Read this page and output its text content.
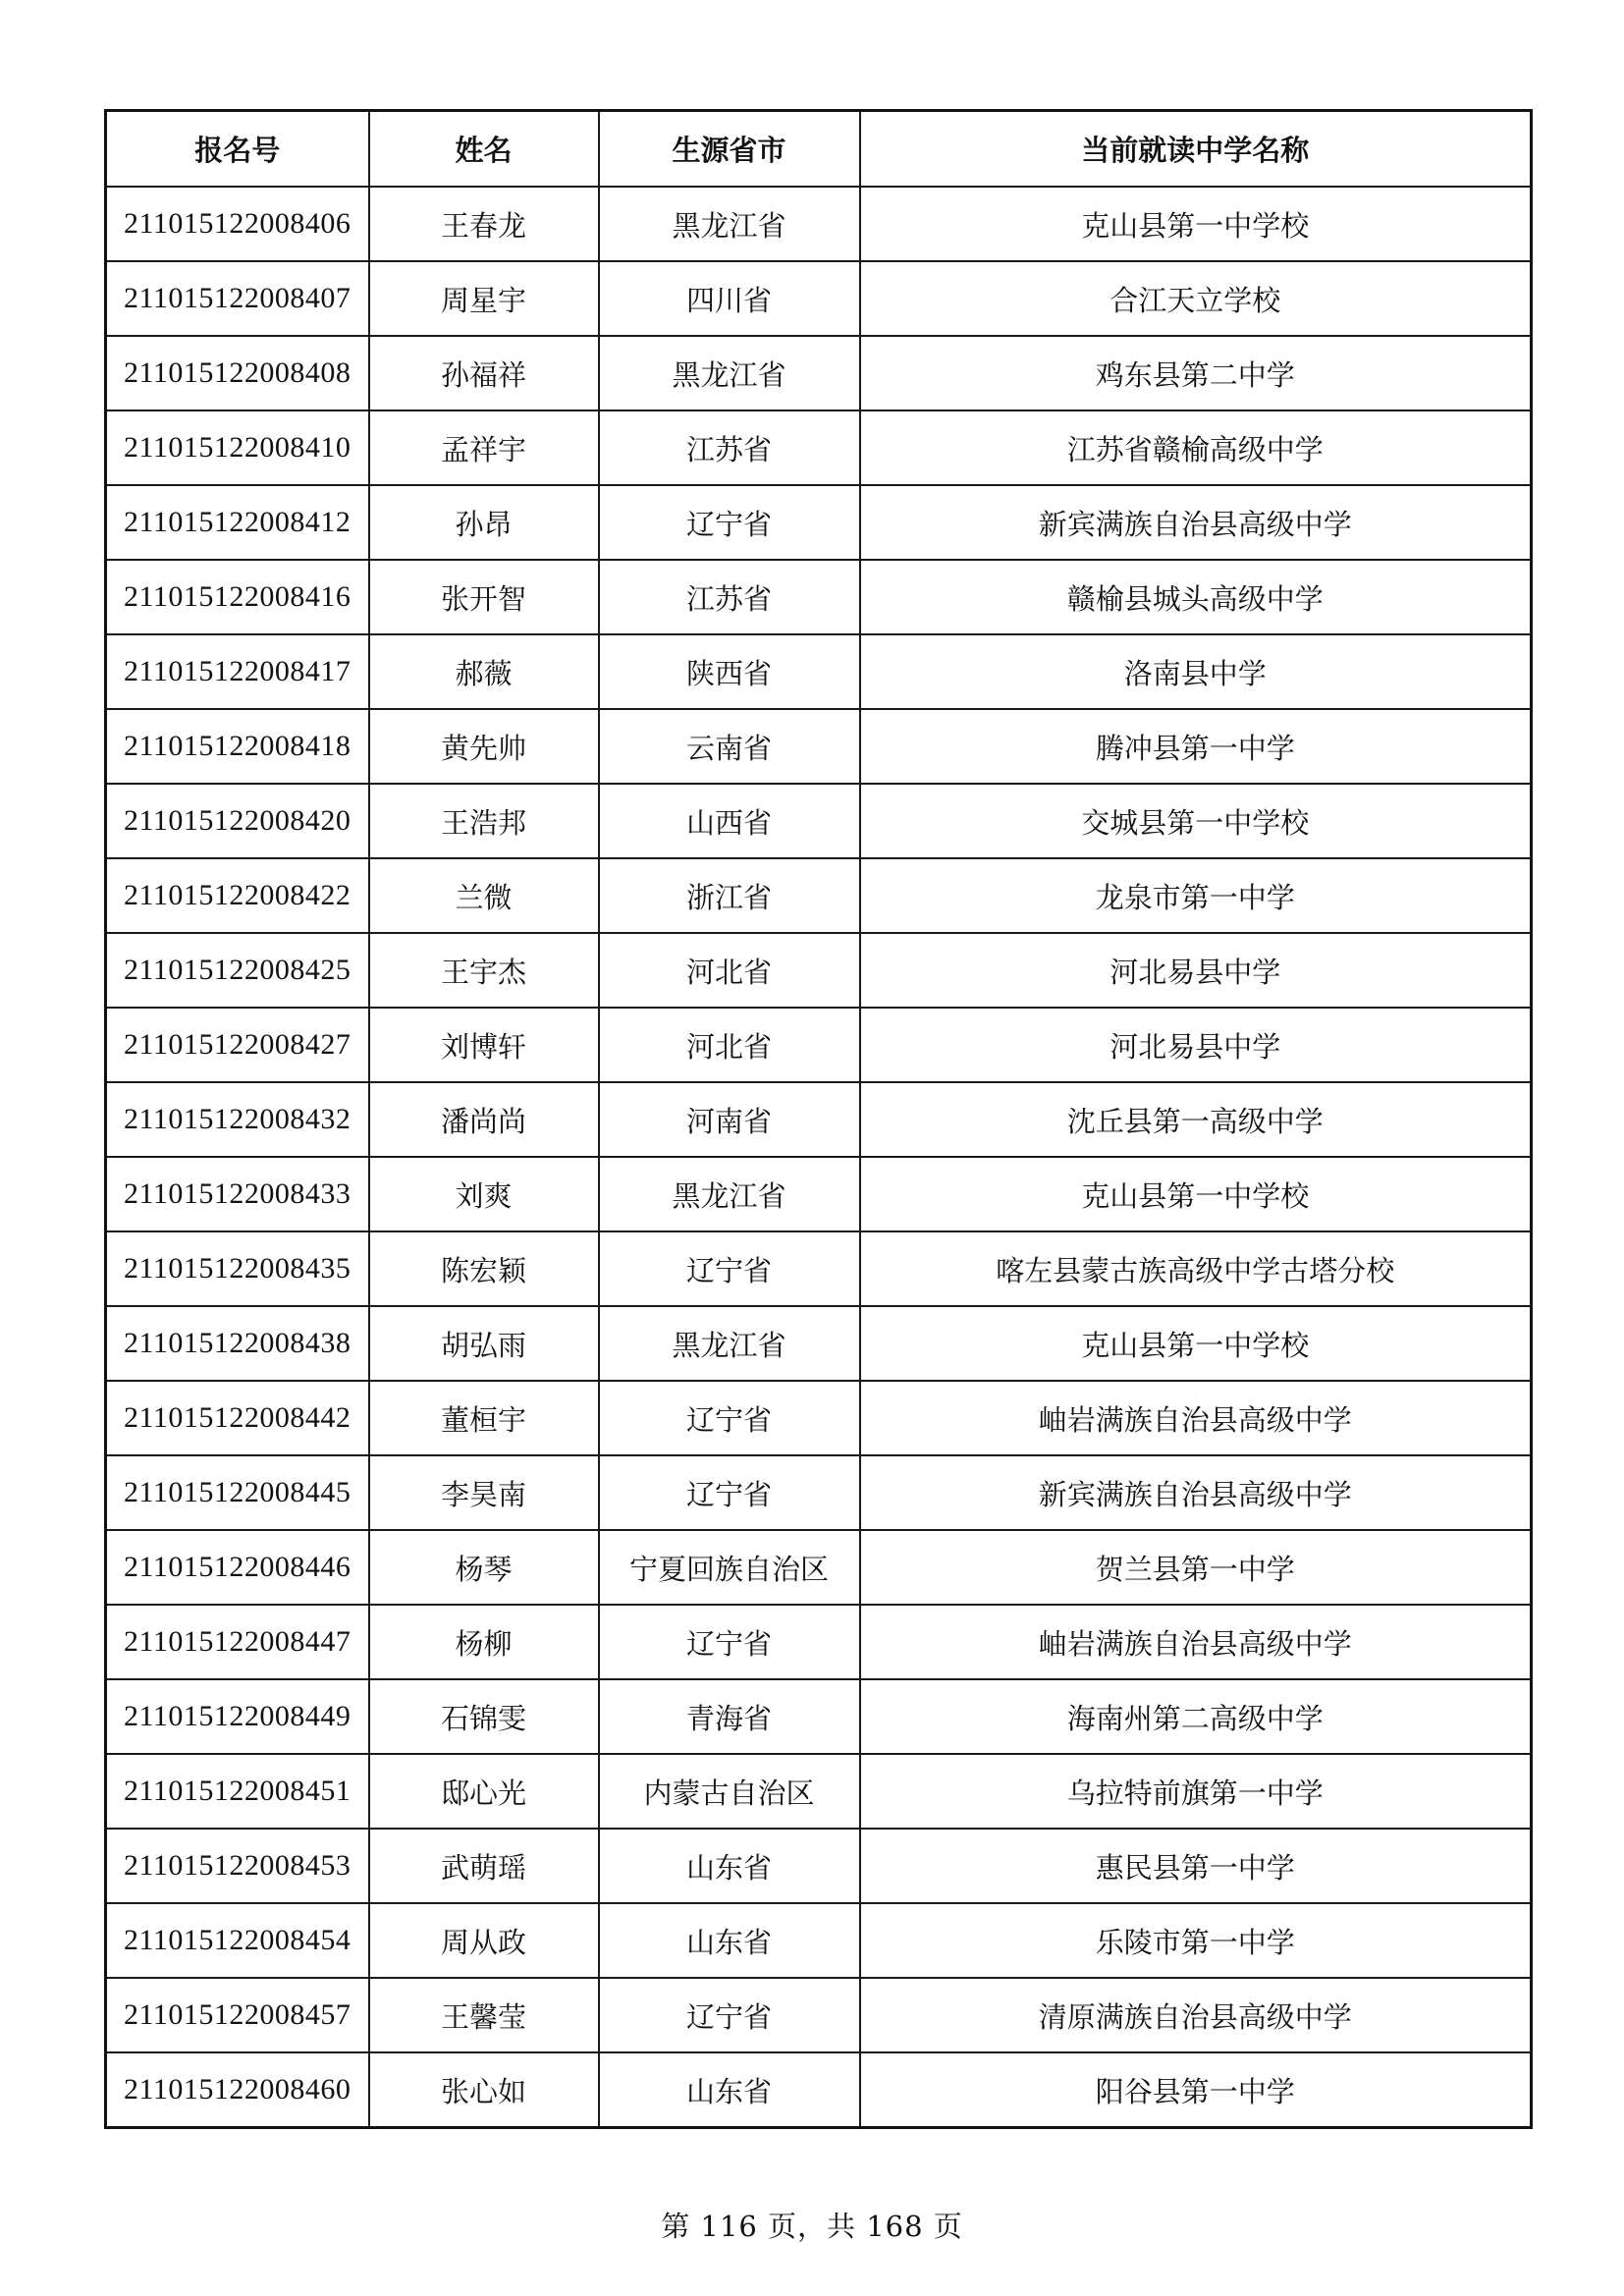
报名号	姓名	生源省市	当前就读中学名称
211015122008406	王春龙	黑龙江省	克山县第一中学校
211015122008407	周星宇	四川省	合江天立学校
211015122008408	孙福祥	黑龙江省	鸡东县第二中学
211015122008410	孟祥宇	江苏省	江苏省赣榆高级中学
211015122008412	孙昂	辽宁省	新宾满族自治县高级中学
211015122008416	张开智	江苏省	赣榆县城头高级中学
211015122008417	郝薇	陕西省	洛南县中学
211015122008418	黄先帅	云南省	腾冲县第一中学
211015122008420	王浩邦	山西省	交城县第一中学校
211015122008422	兰微	浙江省	龙泉市第一中学
211015122008425	王宇杰	河北省	河北易县中学
211015122008427	刘博轩	河北省	河北易县中学
211015122008432	潘尚尚	河南省	沈丘县第一高级中学
211015122008433	刘爽	黑龙江省	克山县第一中学校
211015122008435	陈宏颖	辽宁省	喀左县蒙古族高级中学古塔分校
211015122008438	胡弘雨	黑龙江省	克山县第一中学校
211015122008442	董桓宇	辽宁省	岫岩满族自治县高级中学
211015122008445	李昊南	辽宁省	新宾满族自治县高级中学
211015122008446	杨琴	宁夏回族自治区	贺兰县第一中学
211015122008447	杨柳	辽宁省	岫岩满族自治县高级中学
211015122008449	石锦雯	青海省	海南州第二高级中学
211015122008451	邸心光	内蒙古自治区	乌拉特前旗第一中学
211015122008453	武萌瑶	山东省	惠民县第一中学
211015122008454	周从政	山东省	乐陵市第一中学
211015122008457	王馨莹	辽宁省	清原满族自治县高级中学
211015122008460	张心如	山东省	阳谷县第一中学
第 116 页，共 168 页
